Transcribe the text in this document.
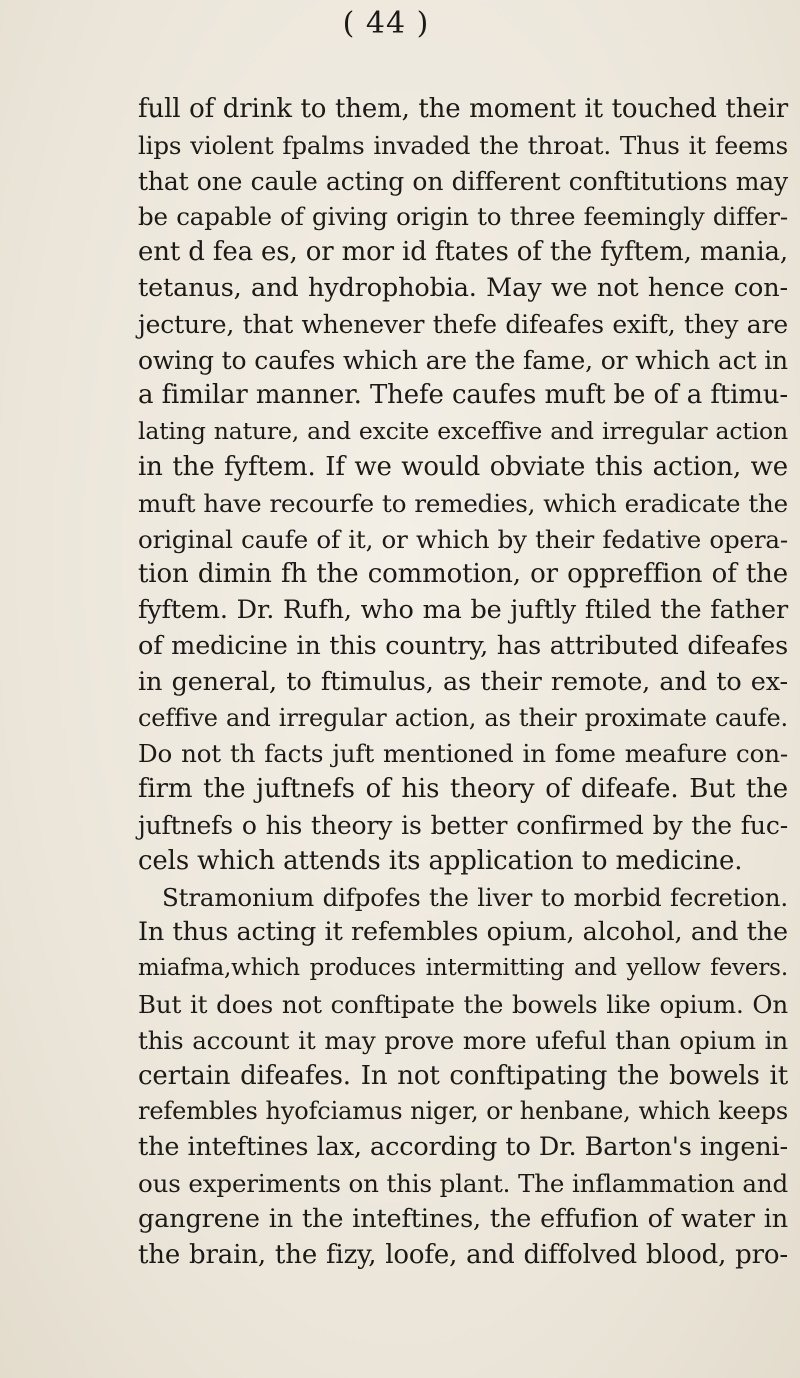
( 44 )
full of drink to them, the moment it touched their
lips violent fpalms invaded the throat. Thus it feems
that one caule acting on different conftitutions may
be capable of giving origin to three feemingly differ-
ent d fea es, or mor id ftates of the fyftem, mania,
tetanus, and hydrophobia. May we not hence con-
jecture, that whenever thefe difeafes exift, they are
owing to caufes which are the fame, or which act in
a fimilar manner. Thefe caufes muft be of a ftimu-
lating nature, and excite exceffive and irregular action
in the fyftem. If we would obviate this action, we
muft have recourfe to remedies, which eradicate the
original caufe of it, or which by their fedative opera-
tion dimin fh the commotion, or oppreffion of the
fyftem. Dr. Rufh, who ma be juftly ftiled the father
of medicine in this country, has attributed difeafes
in general, to ftimulus, as their remote, and to ex-
ceffive and irregular action, as their proximate caufe.
Do not th facts juft mentioned in fome meafure con-
firm the juftnefs of his theory of difeafe. But the
juftnefs o his theory is better confirmed by the fuc-
cels which attends its application to medicine.
Stramonium difpofes the liver to morbid fecretion.
In thus acting it refembles opium, alcohol, and the
miafma,which produces intermitting and yellow fevers.
But it does not conftipate the bowels like opium. On
this account it may prove more ufeful than opium in
certain difeafes. In not conftipating the bowels it
refembles hyofciamus niger, or henbane, which keeps
the inteftines lax, according to Dr. Barton's ingeni-
ous experiments on this plant. The inflammation and
gangrene in the inteftines, the effufion of water in
the brain, the fizy, loofe, and diffolved blood, pro-
